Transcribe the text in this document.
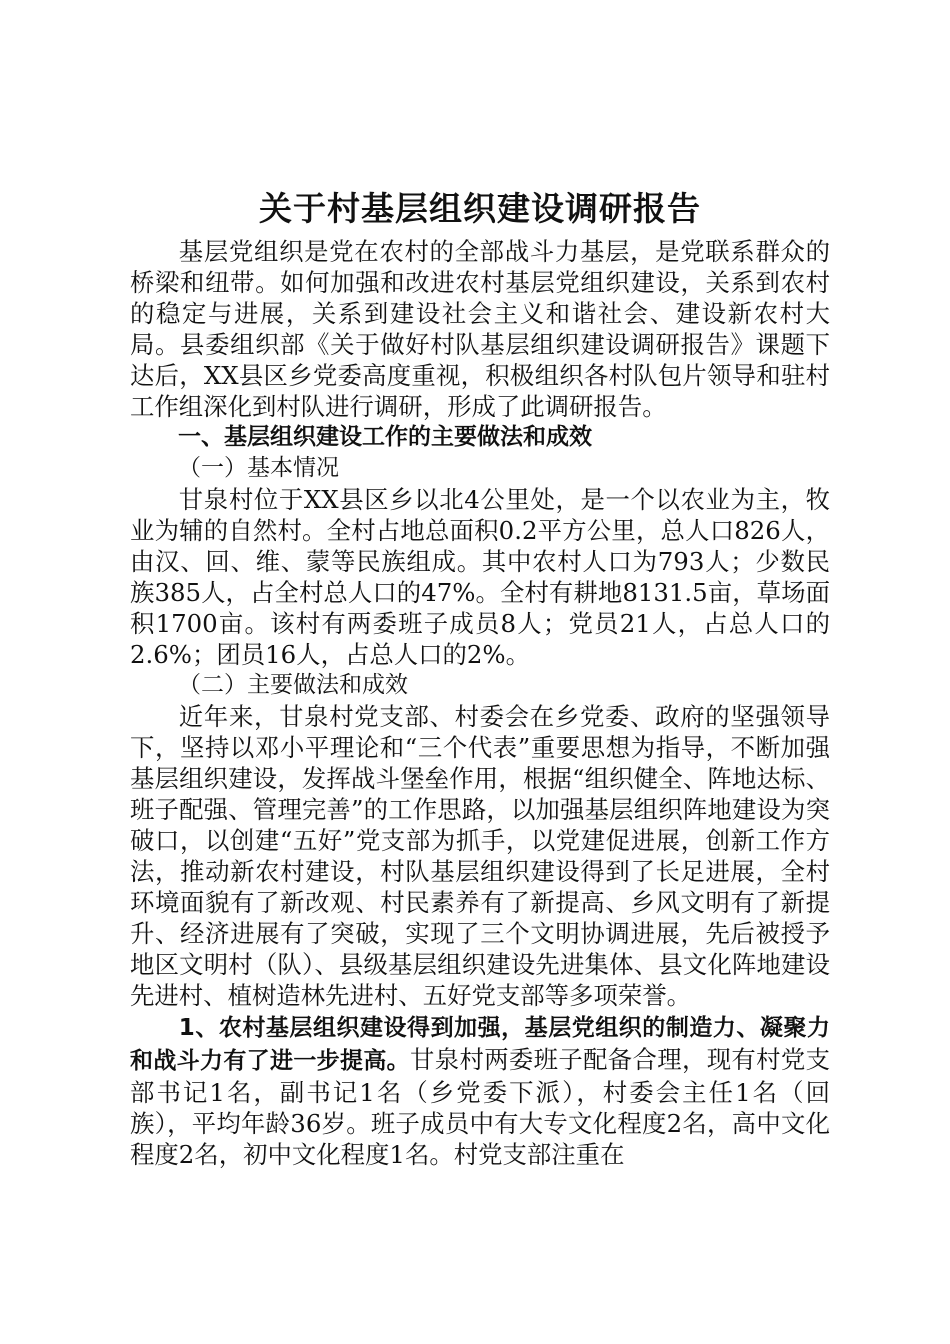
关于村基层组织建设调研报告

基层党组织是党在农村的全部战斗力基层，是党联系群众的桥梁和纽带。如何加强和改进农村基层党组织建设，关系到农村的稳定与进展，关系到建设社会主义和谐社会、建设新农村大局。县委组织部《关于做好村队基层组织建设调研报告》课题下达后，XX县区乡党委高度重视，积极组织各村队包片领导和驻村工作组深化到村队进行调研，形成了此调研报告。

一、基层组织建设工作的主要做法和成效

（一）基本情况

甘泉村位于XX县区乡以北4公里处，是一个以农业为主，牧业为辅的自然村。全村占地总面积0.2平方公里，总人口826人，由汉、回、维、蒙等民族组成。其中农村人口为793人；少数民族385人，占全村总人口的47%。全村有耕地8131.5亩，草场面积1700亩。该村有两委班子成员8人；党员21人，占总人口的2.6%；团员16人，占总人口的2%。

（二）主要做法和成效

近年来，甘泉村党支部、村委会在乡党委、政府的坚强领导下，坚持以邓小平理论和“三个代表”重要思想为指导，不断加强基层组织建设，发挥战斗堡垒作用，根据“组织健全、阵地达标、班子配强、管理完善”的工作思路，以加强基层组织阵地建设为突破口，以创建“五好”党支部为抓手，以党建促进展，创新工作方法，推动新农村建设，村队基层组织建设得到了长足进展，全村环境面貌有了新改观、村民素养有了新提高、乡风文明有了新提升、经济进展有了突破，实现了三个文明协调进展，先后被授予地区文明村（队）、县级基层组织建设先进集体、县文化阵地建设先进村、植树造林先进村、五好党支部等多项荣誉。

1、农村基层组织建设得到加强，基层党组织的制造力、凝聚力和战斗力有了进一步提高。甘泉村两委班子配备合理，现有村党支部书记1名，副书记1名（乡党委下派），村委会主任1名（回族），平均年龄36岁。班子成员中有大专文化程度2名，高中文化程度2名，初中文化程度1名。村党支部注重在
